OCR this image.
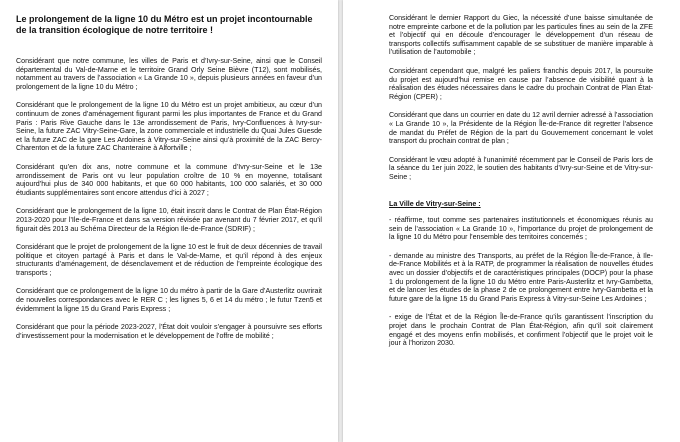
Le prolongement de la ligne 10 du Métro est un projet incontournable de la transition écologique de notre territoire !

Considérant que notre commune, les villes de Paris et d’Ivry-sur-Seine, ainsi que le Conseil départemental du Val-de-Marne et le territoire Grand Orly Seine Bièvre (T12), sont mobilisés, notamment au travers de l’association « La Grande 10 », depuis plusieurs années en faveur d’un prolongement de la ligne 10 du Métro ;

Considérant que le prolongement de la ligne 10 du Métro est un projet ambitieux, au cœur d’un continuum de zones d’aménagement figurant parmi les plus importantes de France et du Grand Paris : Paris Rive Gauche dans le 13e arrondissement de Paris, Ivry-Confluences à Ivry-sur-Seine, la future ZAC Vitry-Seine-Gare, la zone commerciale et industrielle du Quai Jules Guesde et la future ZAC de la gare Les Ardoines à Vitry-sur-Seine ainsi qu’à proximité de la ZAC Bercy-Charenton et de la future ZAC Chanteraine à Alfortville ;

Considérant qu’en dix ans, notre commune et la commune d’Ivry-sur-Seine et le 13e arrondissement de Paris ont vu leur population croître de 10 % en moyenne, totalisant aujourd’hui plus de 340 000 habitants, et que 60 000 habitants, 100 000 salariés, et 30 000 étudiants supplémentaires sont encore attendus d’ici à 2027 ;

Considérant que le prolongement de la ligne 10, était inscrit dans le Contrat de Plan État-Région 2013-2020 pour l’Ile-de-France et dans sa version révisée par avenant du 7 février 2017, et qu’il figurait dès 2013 au Schéma Directeur de la Région Ile-de-France (SDRIF) ;

Considérant que le projet de prolongement de la ligne 10 est le fruit de deux décennies de travail politique et citoyen partagé à Paris et dans le Val-de-Marne, et qu’il répond à des enjeux structurants d’aménagement, de désenclavement et de réduction de l’empreinte écologique des transports ;

Considérant que ce prolongement de la ligne 10 du métro à partir de la Gare d’Austerlitz ouvrirait de nouvelles correspondances avec le RER C ; les lignes 5, 6 et 14 du métro ; le futur Tzen5 et évidemment la ligne 15 du Grand Paris Express ;

Considérant que pour la période 2023-2027, l’État doit vouloir s’engager à poursuivre ses efforts d’investissement pour la modernisation et le développement de l’offre de mobilité ;

Considérant le dernier Rapport du Giec, la nécessité d’une baisse simultanée de notre empreinte carbone et de la pollution par les particules fines au sein de la ZFE et l’objectif qui en découle d’encourager le développement d’un réseau de transports collectifs suffisamment capable de se substituer de manière imparable à l’utilisation de l’automobile ;

Considérant cependant que, malgré les paliers franchis depuis 2017, la poursuite du projet est aujourd’hui remise en cause par l’absence de visibilité quant à la réalisation des études nécessaires dans le cadre du prochain Contrat de Plan État-Région (CPER) ;

Considérant que dans un courrier en date du 12 avril dernier adressé à l’association « La Grande 10 », la Présidente de la Région Île-de-France dit regretter l’absence de mandat du Préfet de Région de la part du Gouvernement concernant le volet transport du prochain contrat de plan ;

Considérant le vœu adopté à l’unanimité récemment par le Conseil de Paris lors de la séance du 1er juin 2022, le soutien des habitants d’Ivry-sur-Seine et de Vitry-sur-Seine ;

La Ville de Vitry-sur-Seine :

- réaffirme, tout comme ses partenaires institutionnels et économiques réunis au sein de l’association « La Grande 10 », l’importance du projet de prolongement de la ligne 10 du Métro pour l’ensemble des territoires concernés ;

- demande au ministre des Transports, au préfet de la Région Île-de-France, à Ile-de-France Mobilités et à la RATP, de programmer la réalisation de nouvelles études avec un dossier d’objectifs et de caractéristiques principales (DOCP) pour la phase 1 du prolongement de la ligne 10 du Métro entre Paris-Austerlitz et Ivry-Gambetta, et de lancer les études de la phase 2 de ce prolongement entre Ivry-Gambetta et la future gare de la ligne 15 du Grand Paris Express à Vitry-sur-Seine Les Ardoines ;

- exige de l’État et de la Région Île-de-France qu’ils garantissent l’inscription du projet dans le prochain Contrat de Plan État-Région, afin qu’il soit clairement engagé et des moyens enfin mobilisés, et confirment l’objectif que le projet voit le jour à l’horizon 2030.
